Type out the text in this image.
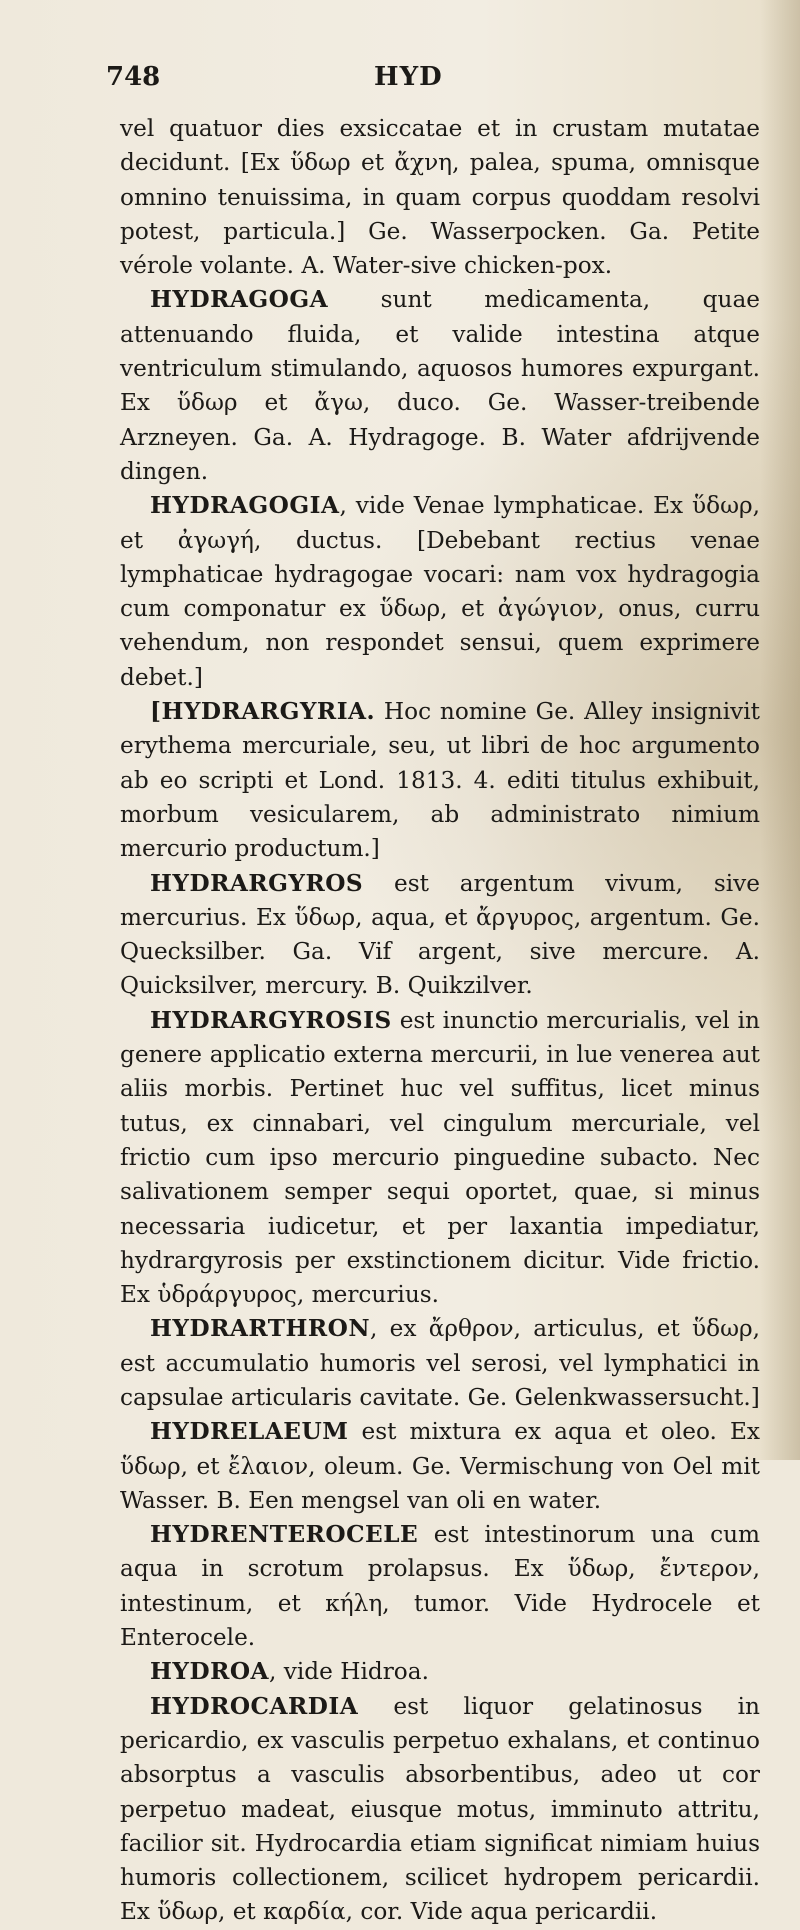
748	HYD

vel quatuor dies exsiccatae et in crustam mutatae decidunt. [Ex ὕδωρ et ἄχνη, palea, spuma, omnisque omnino tenuissima, in quam corpus quoddam resolvi potest, particula.] Ge. Wasserpocken. Ga. Petite vérole volante. A. Water-sive chicken-pox.

HYDRAGOGA sunt medicamenta, quae attenuando fluida, et valide intestina atque ventriculum stimulando, aquosos humores expurgant. Ex ὕδωρ et ἄγω, duco. Ge. Wasser-treibende Arzneyen. Ga. A. Hydragoge. B. Water afdrijvende dingen.

HYDRAGOGIA, vide Venae lymphaticae. Ex ὕδωρ, et ἀγωγή, ductus. [Debebant rectius venae lymphaticae hydragogae vocari: nam vox hydragogia cum componatur ex ὕδωρ, et ἀγώγιον, onus, curru vehendum, non respondet sensui, quem exprimere debet.]

[HYDRARGYRIA. Hoc nomine Ge. Alley insignivit erythema mercuriale, seu, ut libri de hoc argumento ab eo scripti et Lond. 1813. 4. editi titulus exhibuit, morbum vesicularem, ab administrato nimium mercurio productum.]

HYDRARGYROS est argentum vivum, sive mercurius. Ex ὕδωρ, aqua, et ἄργυρος, argentum. Ge. Quecksilber. Ga. Vif argent, sive mercure. A. Quicksilver, mercury. B. Quikzilver.

HYDRARGYROSIS est inunctio mercurialis, vel in genere applicatio externa mercurii, in lue venerea aut aliis morbis. Pertinet huc vel suffitus, licet minus tutus, ex cinnabari, vel cingulum mercuriale, vel frictio cum ipso mercurio pinguedine subacto. Nec salivationem semper sequi oportet, quae, si minus necessaria iudicetur, et per laxantia impediatur, hydrargyrosis per exstinctionem dicitur. Vide frictio. Ex ὑδράργυρος, mercurius.

HYDRARTHRON, ex ἄρθρον, articulus, et ὕδωρ, est accumulatio humoris vel serosi, vel lymphatici in capsulae articularis cavitate. Ge. Gelenkwassersucht.]

HYDRELAEUM est mixtura ex aqua et oleo. Ex ὕδωρ, et ἔλαιον, oleum. Ge. Vermischung von Oel mit Wasser. B. Een mengsel van oli en water.

HYDRENTEROCELE est intestinorum una cum aqua in scrotum prolapsus. Ex ὕδωρ, ἔντερον, intestinum, et κήλη, tumor. Vide Hydrocele et Enterocele.

HYDROA, vide Hidroa.

HYDROCARDIA est liquor gelatinosus in pericardio, ex vasculis perpetuo exhalans, et continuo absorptus a vasculis absorbentibus, adeo ut cor perpetuo madeat, eiusque motus, imminuto attritu, facilior sit. Hydrocardia etiam significat nimiam huius humoris collectionem, scilicet hydropem pericardii. Ex ὕδωρ, et καρδία, cor. Vide aqua pericardii.
